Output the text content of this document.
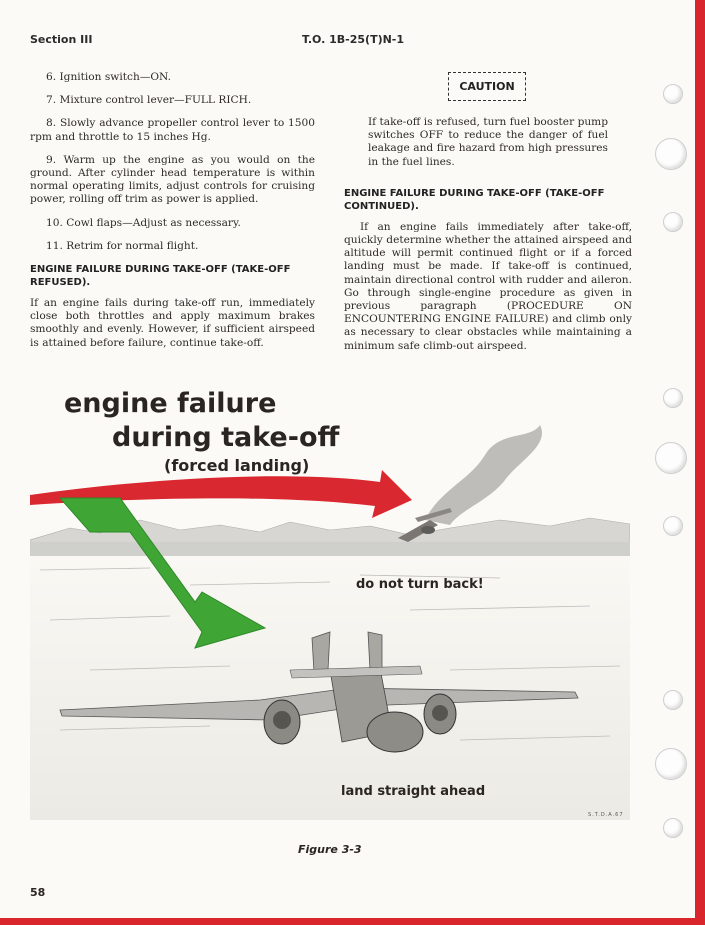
Section III	T.O. 1B-25(T)N-1

6. Ignition switch—ON.

7. Mixture control lever—FULL RICH.

8. Slowly advance propeller control lever to 1500 rpm and throttle to 15 inches Hg.

9. Warm up the engine as you would on the ground. After cylinder head temperature is within normal operating limits, adjust controls for cruising power, rolling off trim as power is applied.

10. Cowl flaps—Adjust as necessary.

11. Retrim for normal flight.

ENGINE FAILURE DURING TAKE-OFF (TAKE-OFF REFUSED).

If an engine fails during take-off run, immediately close both throttles and apply maximum brakes smoothly and evenly. However, if sufficient airspeed is attained before failure, continue take-off.

CAUTION

If take-off is refused, turn fuel booster pump switches OFF to reduce the danger of fuel leakage and fire hazard from high pressures in the fuel lines.

ENGINE FAILURE DURING TAKE-OFF (TAKE-OFF CONTINUED).

If an engine fails immediately after take-off, quickly determine whether the attained airspeed and altitude will permit continued flight or if a forced landing must be made. If take-off is continued, maintain directional control with rudder and aileron. Go through single-engine procedure as given in previous paragraph (PROCEDURE ON ENCOUNTERING ENGINE FAILURE) and climb only as necessary to clear obstacles while maintaining a minimum safe climb-out airspeed.

engine failure
during take-off
(forced landing)
do not turn back!
land straight ahead
S.T.D.A.67
Figure 3-3
58
